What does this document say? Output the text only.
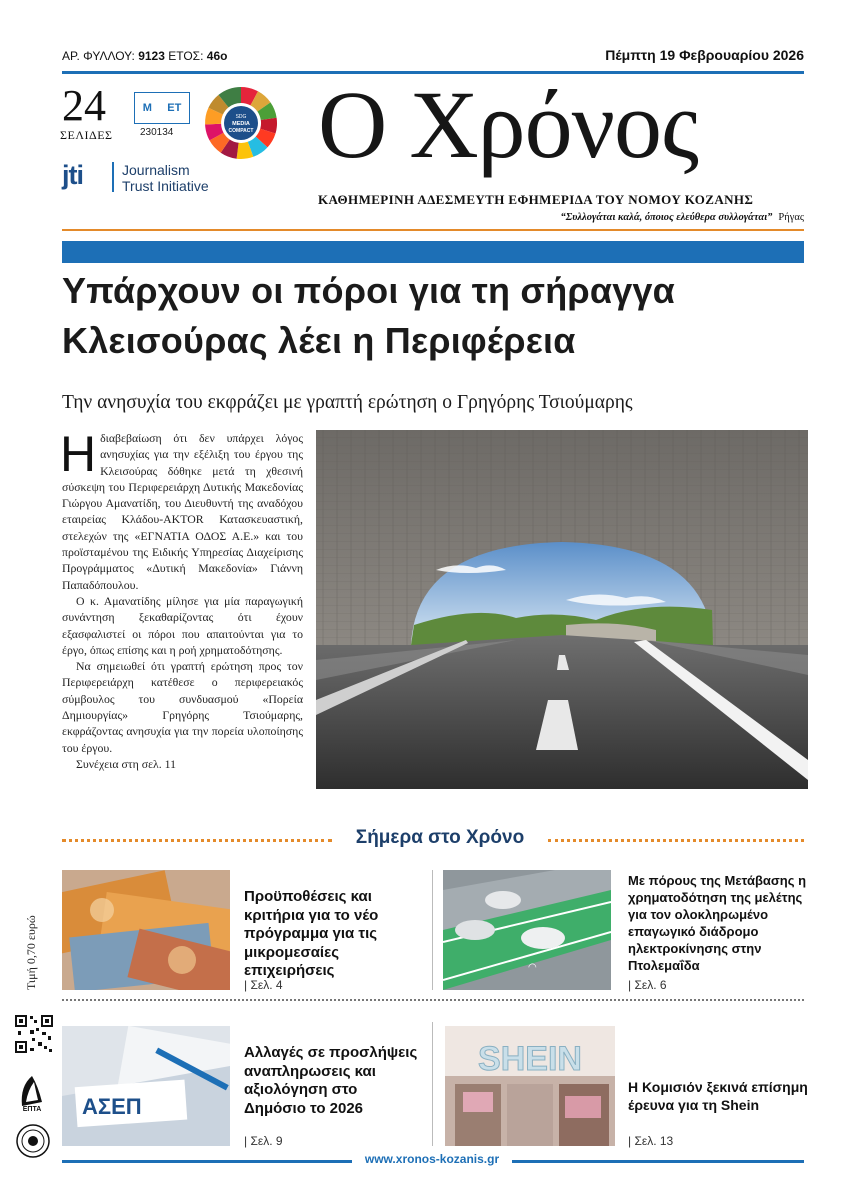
ΑΡ. ΦΥΛΛΟΥ: 9123 ΕΤΟΣ: 46ο	Πέμπτη 19 Φεβρουαρίου 2026
24
ΣΕΛΙΔΕΣ
Μ ΕΤ
230134
SDG
MEDIA
COMPACT
jti	Journalism
Trust Initiative
Ο Χρόνος
ΚΑΘΗΜΕΡΙΝΗ ΑΔΕΣΜΕΥΤΗ ΕΦΗΜΕΡΙΔΑ ΤΟΥ ΝΟΜΟΥ ΚΟΖΑΝΗΣ
“Συλλογάται καλά, όποιος ελεύθερα συλλογάται” Ρήγας
Υπάρχουν οι πόροι για τη σήραγγα
Κλεισούρας λέει η Περιφέρεια
Την ανησυχία του εκφράζει με γραπτή ερώτηση ο Γρηγόρης Τσιούμαρης

Ηδιαβεβαίωση ότι δεν υπάρχει λόγος ανησυχίας για την εξέλιξη του έργου της Κλεισούρας δόθηκε μετά τη χθεσινή σύσκεψη του Περιφερειάρχη Δυτικής Μακεδονίας Γιώργου Αμανατίδη, του Διευθυντή της αναδόχου εταιρείας Κλάδου-AKTOR Κατασκευαστική, στελεχών της «ΕΓΝΑΤΙΑ ΟΔΟΣ Α.Ε.» και του προϊσταμένου της Ειδικής Υπηρεσίας Διαχείρισης Προγράμματος «Δυτική Μακεδονία» Γιάννη Παπαδόπουλου.

Ο κ. Αμανατίδης μίλησε για μία παραγωγική συνάντηση ξεκαθαρίζοντας ότι έχουν εξασφαλιστεί οι πόροι που απαιτούνται για το έργο, όπως επίσης και η ροή χρηματοδότησης.

Να σημειωθεί ότι γραπτή ερώτηση προς τον Περιφερειάρχη κατέθεσε ο περιφερειακός σύμβουλος του συνδυασμού «Πορεία Δημιουργίας» Γρηγόρης Τσιούμαρης, εκφράζοντας ανησυχία για την πορεία υλοποίησης του έργου.

Συνέχεια στη σελ. 11

Σήμερα στο Χρόνο
Προϋποθέσεις και κριτήρια για το νέο πρόγραμμα για τις μικρομεσαίες επιχειρήσεις
| Σελ. 4
◠
Με πόρους της Μετάβασης η χρηματοδότηση της μελέτης για τον ολοκληρωμένο επαγωγικό διάδρομο ηλεκτροκίνησης στην Πτολεμαΐδα
| Σελ. 6
ΑΣΕΠ
Αλλαγές σε προσλήψεις αναπληρωσεις και αξιολόγηση στο Δημόσιο το 2026
| Σελ. 9
SHEIN
Η Κομισιόν ξεκινά επίσημη έρευνα για τη Shein
| Σελ. 13
Τιμή 0,70 ευρώ
ΕΠΤΑ
www.xronos-kozanis.gr
